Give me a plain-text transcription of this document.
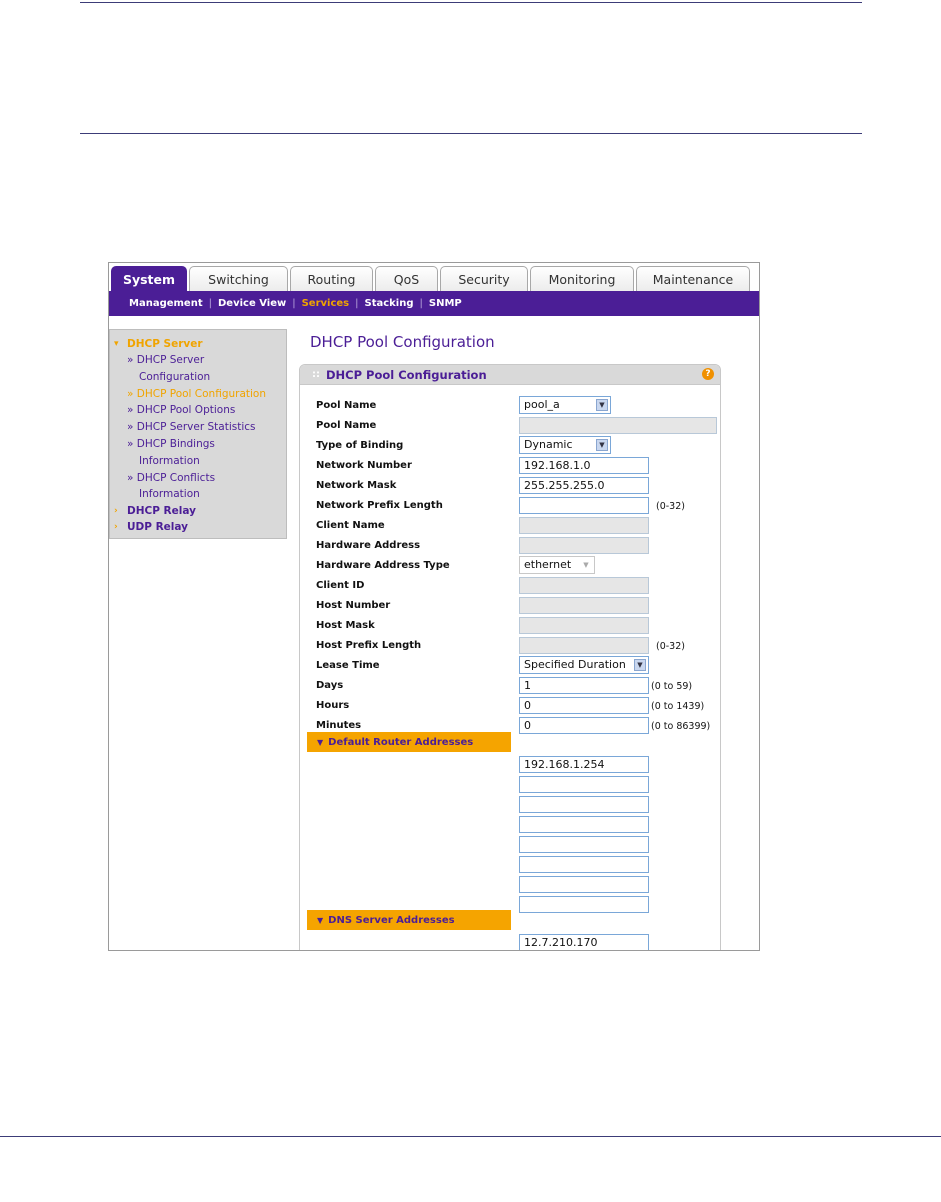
System	Switching	Routing	QoS	Security	Monitoring	Maintenance
Management | Device View | Services | Stacking | SNMP
▾ DHCP Server
» DHCP Server
Configuration
» DHCP Pool Configuration
» DHCP Pool Options
» DHCP Server Statistics
» DHCP Bindings
Information
» DHCP Conflicts
Information
› DHCP Relay
› UDP Relay
DHCP Pool Configuration
:: DHCP Pool Configuration	?
Pool Name	pool_a	▼
Pool Name
Type of Binding	Dynamic	▼
Network Number	192.168.1.0
Network Mask	255.255.255.0
Network Prefix Length	(0-32)
Client Name
Hardware Address
Hardware Address Type	ethernet	▼
Client ID
Host Number
Host Mask
Host Prefix Length	(0-32)
Lease Time	Specified Duration	▼
Days	1	(0 to 59)
Hours	0	(0 to 1439)
Minutes	0	(0 to 86399)
▼ Default Router Addresses
192.168.1.254
▼ DNS Server Addresses
12.7.210.170
